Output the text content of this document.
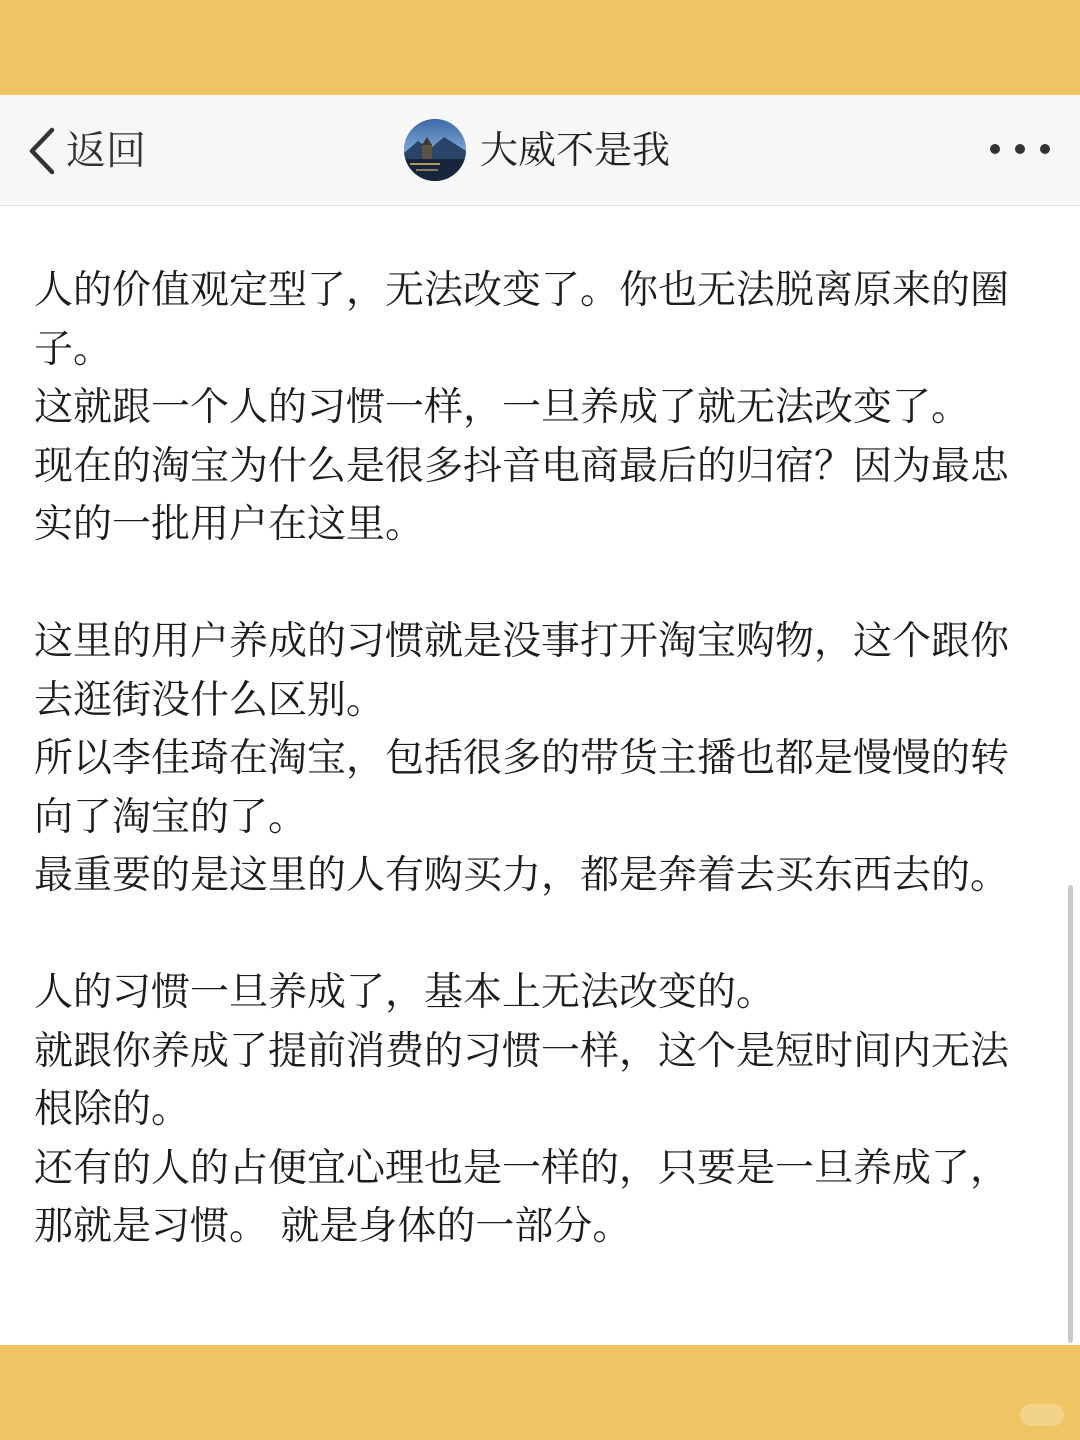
返回	大威不是我

人的价值观定型了，无法改变了。你也无法脱离原来的圈子。

这就跟一个人的习惯一样，一旦养成了就无法改变了。

现在的淘宝为什么是很多抖音电商最后的归宿？因为最忠实的一批用户在这里。

这里的用户养成的习惯就是没事打开淘宝购物，这个跟你去逛街没什么区别。

所以李佳琦在淘宝，包括很多的带货主播也都是慢慢的转向了淘宝的了。

最重要的是这里的人有购买力，都是奔着去买东西去的。

人的习惯一旦养成了，基本上无法改变的。

就跟你养成了提前消费的习惯一样，这个是短时间内无法根除的。

还有的人的占便宜心理也是一样的，只要是一旦养成了，那就是习惯。 就是身体的一部分。
